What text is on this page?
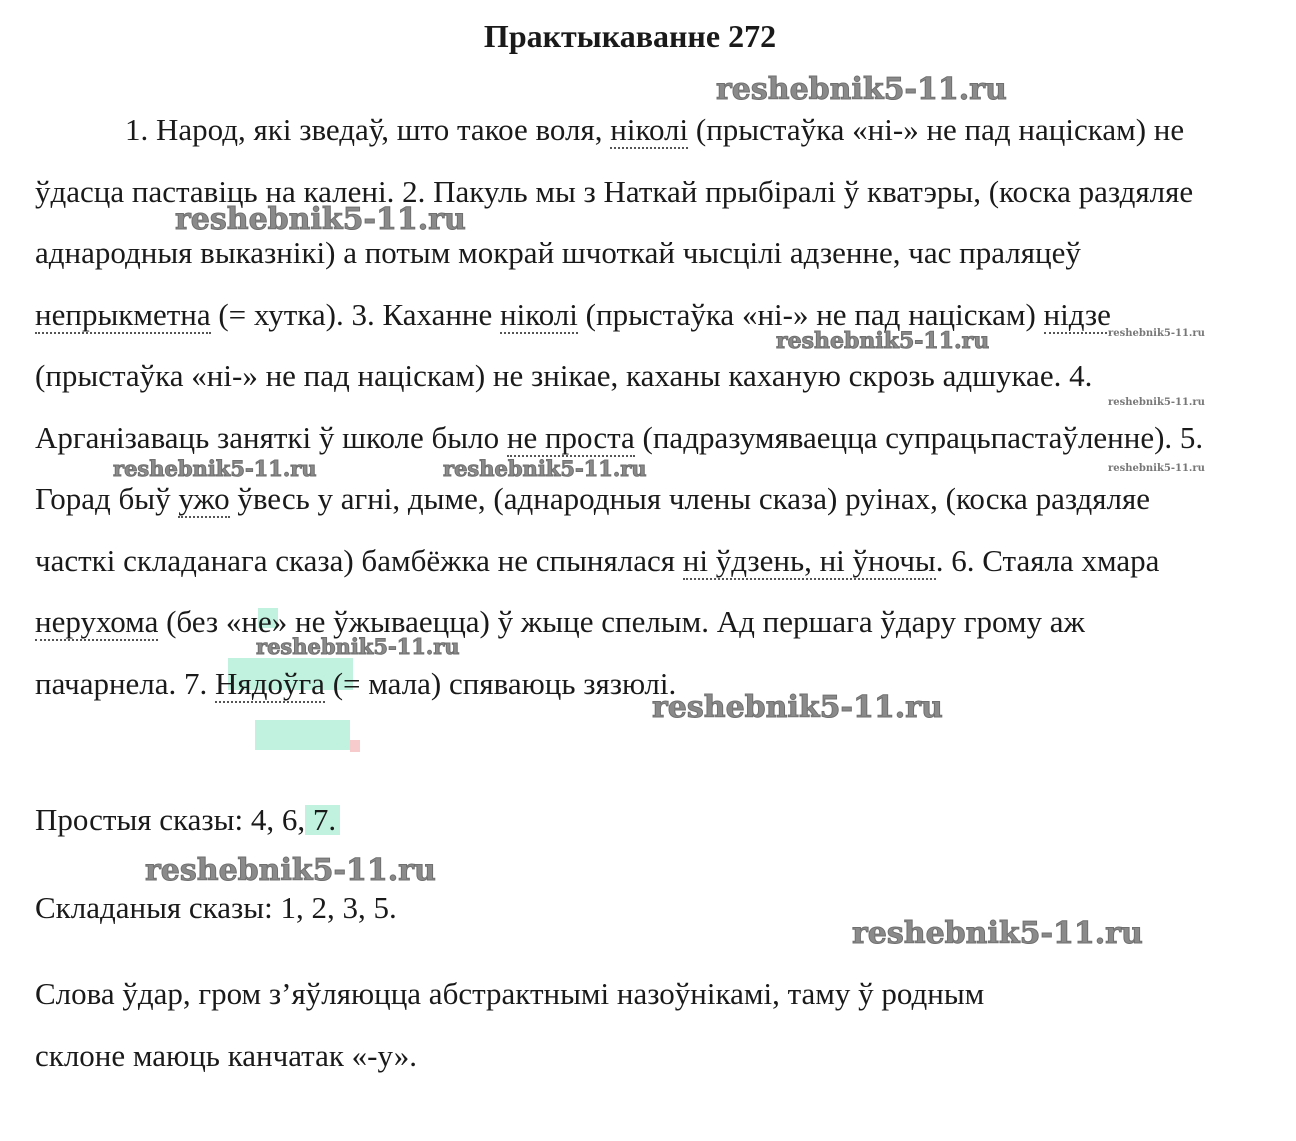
Практыкаванне 272
1. Народ, які зведаў, што такое воля, ніколі (прыстаўка «ні-» не пад націскам) не ўдасца паставіць на калені. 2. Пакуль мы з Наткай прыбіралі ў кватэры, (коска раздяляе аднародныя выказнікі) а потым мокрай шчоткай чысцілі адзенне, час праляцеў непрыкметна (= хутка). 3. Каханне ніколі (прыстаўка «ні-» не пад націскам) нідзе (прыстаўка «ні-» не пад націскам) не знікае, каханы каханую скрозь адшукае. 4. Арганізаваць заняткі ў школе было не проста (падразумяваецца супрацьпастаўленне). 5. Горад быў ужо ўвесь у агні, дыме, (аднародныя члены сказа) руінах, (коска раздяляе часткі складанага сказа) бамбёжка не спынялася ні ўдзень, ні ўночы. 6. Стаяла хмара нерухома (без «не» не ўжываецца) ў жыце спелым. Ад першага ўдару грому аж пачарнела. 7. Нядоўга (= мала) спяваюць зязюлі.
Простыя сказы: 4, 6, 7.
Складаныя сказы: 1, 2, 3, 5.
Слова ўдар, гром з’яўляюцца абстрактнымі назоўнікамі, таму ў родным
склоне маюць канчатак «-у».
reshebnik5-11.ru
reshebnik5-11.ru
reshebnik5-11.ru	reshebnik5-11.ru
reshebnik5-11.ru
reshebnik5-11.ru	reshebnik5-11.ru	reshebnik5-11.ru
reshebnik5-11.ru
reshebnik5-11.ru
reshebnik5-11.ru
reshebnik5-11.ru
